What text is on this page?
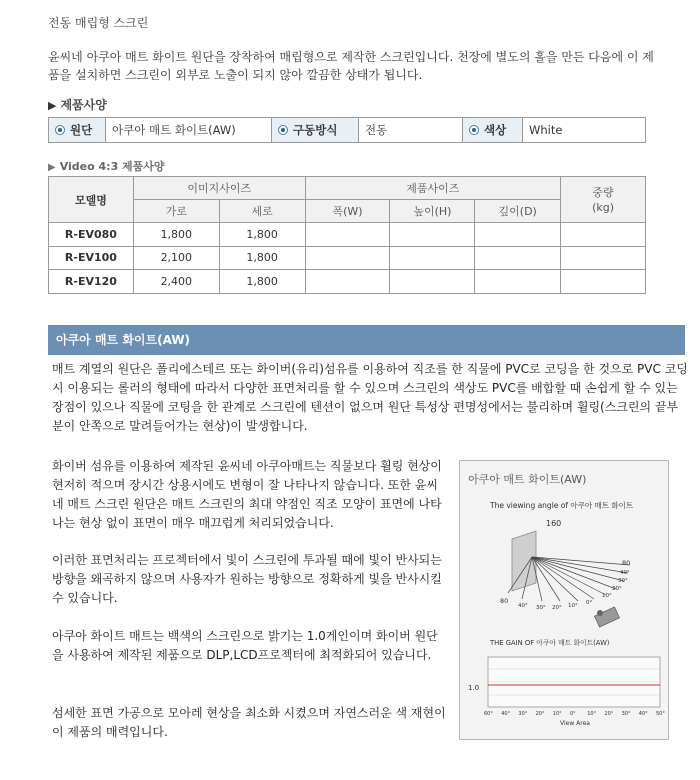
전동 매립형 스크린
윤씨네 아쿠아 매트 화이트 원단을 장착하여 매립형으로 제작한 스크린입니다. 천장에 별도의 홀을 만든 다음에 이 제품을 설치하면 스크린이 외부로 노출이 되지 않아 깔끔한 상태가 됩니다.
▶ 제품사양
원단	아쿠아 매트 화이트(AW)	구동방식	전동	색상	White
▶ Video 4:3 제품사양
모델명	이미지사이즈		제품사이즈			중량
(kg)
	가로	세로	폭(W)	높이(H)	깊이(D)	
R-EV080	1,800	1,800				
R-EV100	2,100	1,800				
R-EV120	2,400	1,800				
아쿠아 매트 화이트(AW)
매트 계열의 원단은 폴리에스테르 또는 화이버(유리)섬유를 이용하여 직조를 한 직물에 PVC로 코딩을 한 것으로 PVC 코딩시 이용되는 롤러의 형태에 따라서 다양한 표면처리를 할 수 있으며 스크린의 색상도 PVC를 배합할 때 손쉽게 할 수 있는 장점이 있으나 직물에 코팅을 한 관계로 스크린에 텐션이 없으며 원단 특성상 편명성에서는 불리하며 휠링(스크린의 끝부분이 안쪽으로 말려들어가는 현상)이 발생합니다.
화이버 섬유를 이용하여 제작된 윤씨네 아쿠아매트는 직물보다 휠링 현상이 현저히 적으며 장시간 상용시에도 변형이 잘 나타나지 않습니다. 또한 윤씨네 매트 스크린 원단은 매트 스크린의 최대 약점인 직조 모양이 표면에 나타나는 현상 없이 표면이 매우 매끄럽게 처리되었습니다.
이러한 표면처리는 프로젝터에서 빛이 스크린에 투과될 때에 빛이 반사되는 방향을 왜곡하지 않으며 사용자가 원하는 방향으로 정확하게 빛을 반사시킬 수 있습니다.
아쿠아 화이트 매트는 백색의 스크린으로 밝기는 1.0게인이며 화이버 원단을 사용하여 제작된 제품으로 DLP,LCD프로젝터에 최적화되어 있습니다.
섬세한 표면 가공으로 모아레 현상을 최소화 시켰으며 자연스러운 색 재현이 이 제품의 매력입니다.
아쿠아 매트 화이트(AW)
The viewing angle of 아쿠아 매트 화이트
160
80
80
40° 30° 20° 10°
40°
30°
20°
10°
0°
THE GAIN OF 아쿠아 매트 화이트(AW)
1.0
60° 40° 30° 20° 10° 0° 10° 20° 30° 40° 50°
View Area
